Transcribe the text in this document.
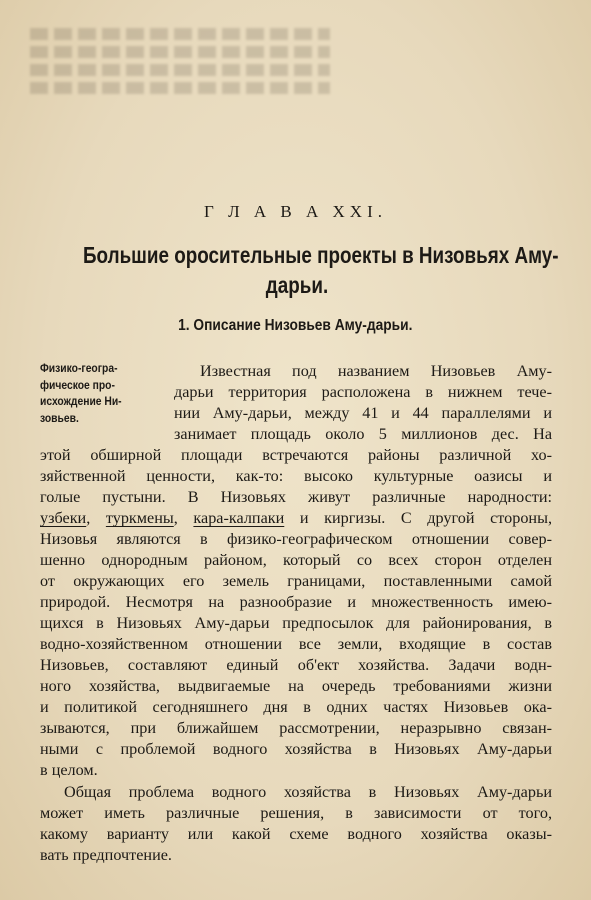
Г Л А В А XXI.
Большие оросительные проекты в Низовьях Аму-
дарьи.
1. Описание Низовьев Аму-дарьи.
Физико-геогра-
фическое про-
исхождение Ни-
зовьев.
Известная под названием Низовьев Аму-
дарьи территория расположена в нижнем тече-
нии Аму-дарьи, между 41 и 44 параллелями и
занимает площадь около 5 миллионов дес. На
этой обширной площади встречаются районы различной хо-
зяйственной ценности, как-то: высоко культурные оазисы и
голые пустыни. В Низовьях живут различные народности:
узбеки, туркмены, кара-калпаки и киргизы. С другой стороны,
Низовья являются в физико-географическом отношении совер-
шенно однородным районом, который со всех сторон отделен
от окружающих его земель границами, поставленными самой
природой. Несмотря на разнообразие и множественность имею-
щихся в Низовьях Аму-дарьи предпосылок для районирования, в
водно-хозяйственном отношении все земли, входящие в состав
Низовьев, составляют единый об'ект хозяйства. Задачи водн-
ного хозяйства, выдвигаемые на очередь требованиями жизни
и политикой сегодняшнего дня в одних частях Низовьев ока-
зываются, при ближайшем рассмотрении, неразрывно связан-
ными с проблемой водного хозяйства в Низовьях Аму-дарьи
в целом.
Общая проблема водного хозяйства в Низовьях Аму-дарьи
может иметь различные решения, в зависимости от того,
какому варианту или какой схеме водного хозяйства оказы-
вать предпочтение.
